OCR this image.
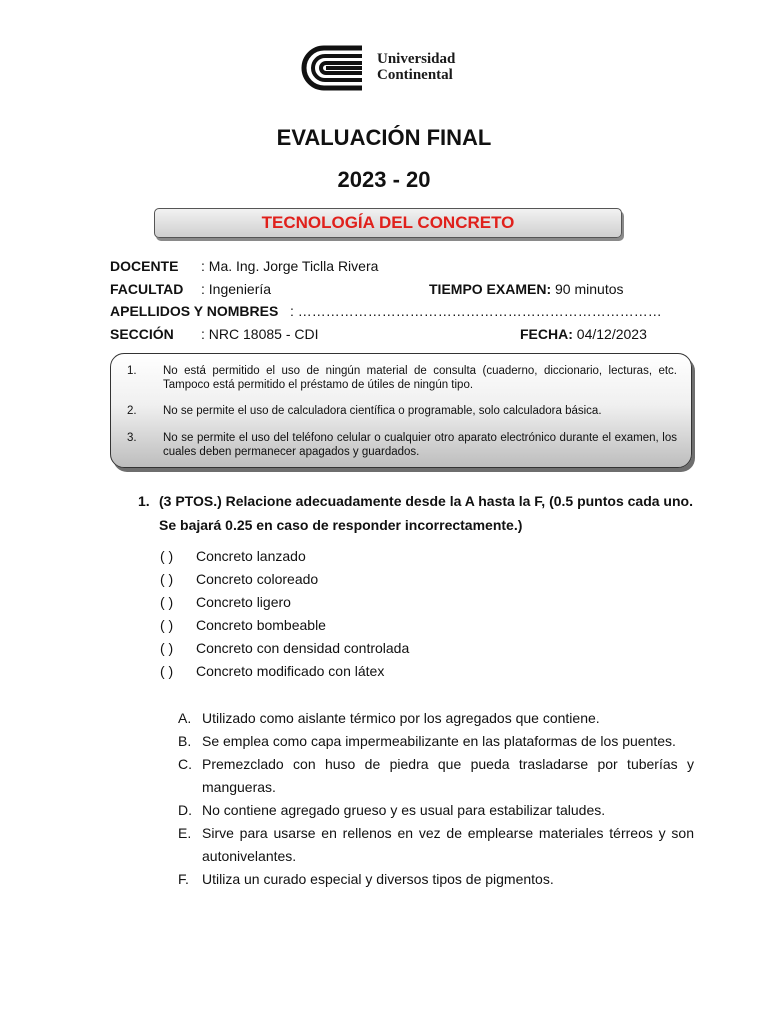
Universidad
Continental
EVALUACIÓN FINAL
2023 - 20
TECNOLOGÍA DEL CONCRETO
DOCENTE : Ma. Ing. Jorge Ticlla Rivera
FACULTAD : Ingeniería	TIEMPO EXAMEN: 90 minutos
APELLIDOS Y NOMBRES : ……………………………………………………………………
SECCIÓN : NRC 18085 - CDI	FECHA: 04/12/2023
1. No está permitido el uso de ningún material de consulta (cuaderno, diccionario, lecturas, etc. Tampoco está permitido el préstamo de útiles de ningún tipo.
2. No se permite el uso de calculadora científica o programable, solo calculadora básica.
3. No se permite el uso del teléfono celular o cualquier otro aparato electrónico durante el examen, los cuales deben permanecer apagados y guardados.
1. (3 PTOS.) Relacione adecuadamente desde la A hasta la F, (0.5 puntos cada uno. Se bajará 0.25 en caso de responder incorrectamente.)
( ) Concreto lanzado
( ) Concreto coloreado
( ) Concreto ligero
( ) Concreto bombeable
( ) Concreto con densidad controlada
( ) Concreto modificado con látex
A. Utilizado como aislante térmico por los agregados que contiene.
B. Se emplea como capa impermeabilizante en las plataformas de los puentes.
C. Premezclado con huso de piedra que pueda trasladarse por tuberías y mangueras.
D. No contiene agregado grueso y es usual para estabilizar taludes.
E. Sirve para usarse en rellenos en vez de emplearse materiales térreos y son autonivelantes.
F. Utiliza un curado especial y diversos tipos de pigmentos.
